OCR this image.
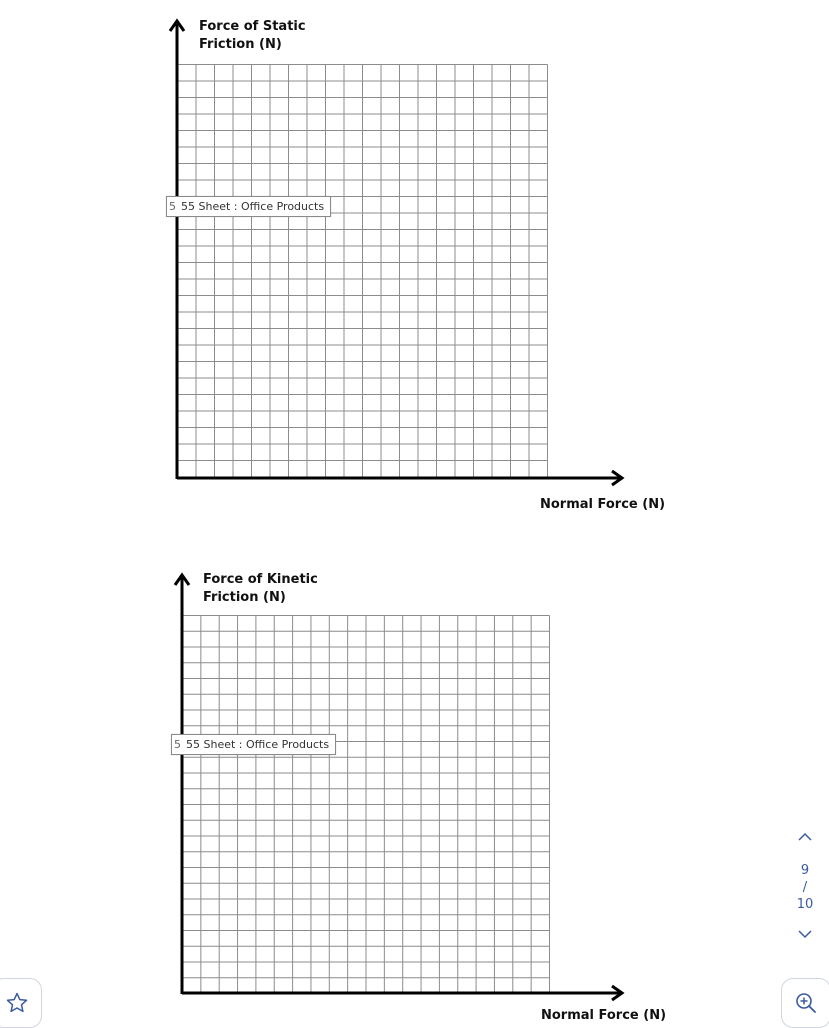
Force of Static
Friction (N)
Normal Force (N)
5 55 Sheet : Office Products
Force of Kinetic
Friction (N)
Normal Force (N)
5 55 Sheet : Office Products
9
/
10
